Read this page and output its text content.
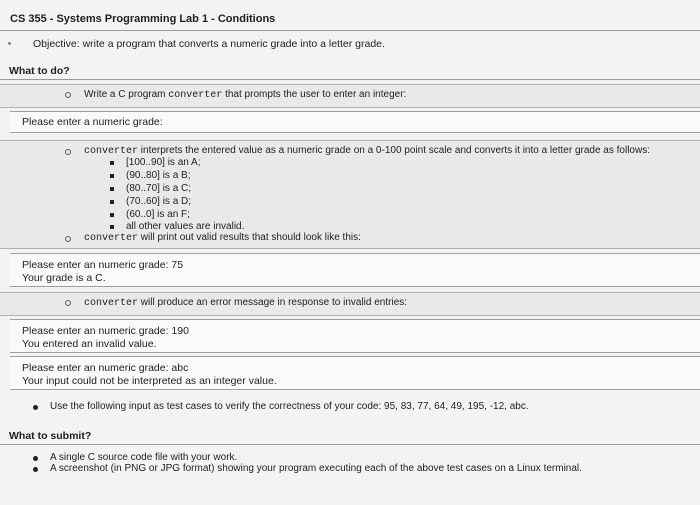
CS 355 - Systems Programming Lab 1 - Conditions
Objective: write a program that converts a numeric grade into a letter grade.
What to do?
Write a C program converter that prompts the user to enter an integer:
Please enter a numeric grade:
converter interprets the entered value as a numeric grade on a 0-100 point scale and converts it into a letter grade as follows:
[100..90] is an A;
(90..80] is a B;
(80..70] is a C;
(70..60] is a D;
(60..0] is an F;
all other values are invalid.
converter will print out valid results that should look like this:
Please enter an numeric grade: 75
Your grade is a C.
converter will produce an error message in response to invalid entries:
Please enter an numeric grade: 190
You entered an invalid value.
Please enter an numeric grade: abc
Your input could not be interpreted as an integer value.
Use the following input as test cases to verify the correctness of your code: 95, 83, 77, 64, 49, 195, -12, abc.
What to submit?
A single C source code file with your work.
A screenshot (in PNG or JPG format) showing your program executing each of the above test cases on a Linux terminal.
